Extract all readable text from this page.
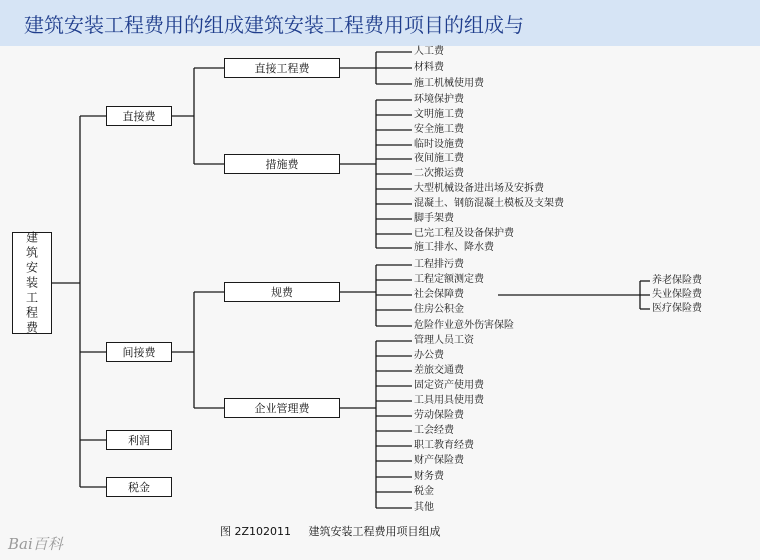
建筑安装工程费用的组成建筑安装工程费用项目的组成与
建筑安装工程费
直接费
间接费
利润
税金
直接工程费
措施费
规费
企业管理费
人工费
材料费
施工机械使用费
环境保护费
文明施工费
安全施工费
临时设施费
夜间施工费
二次搬运费
大型机械设备进出场及安拆费
混凝土、钢筋混凝土模板及支架费
脚手架费
已完工程及设备保护费
施工排水、降水费
工程排污费
工程定额测定费
社会保障费
住房公积金
危险作业意外伤害保险
养老保险费
失业保险费
医疗保险费
管理人员工资
办公费
差旅交通费
固定资产使用费
工具用具使用费
劳动保险费
工会经费
职工教育经费
财产保险费
财务费
税金
其他
图 2Z102011 建筑安装工程费用项目组成
Bai百科
